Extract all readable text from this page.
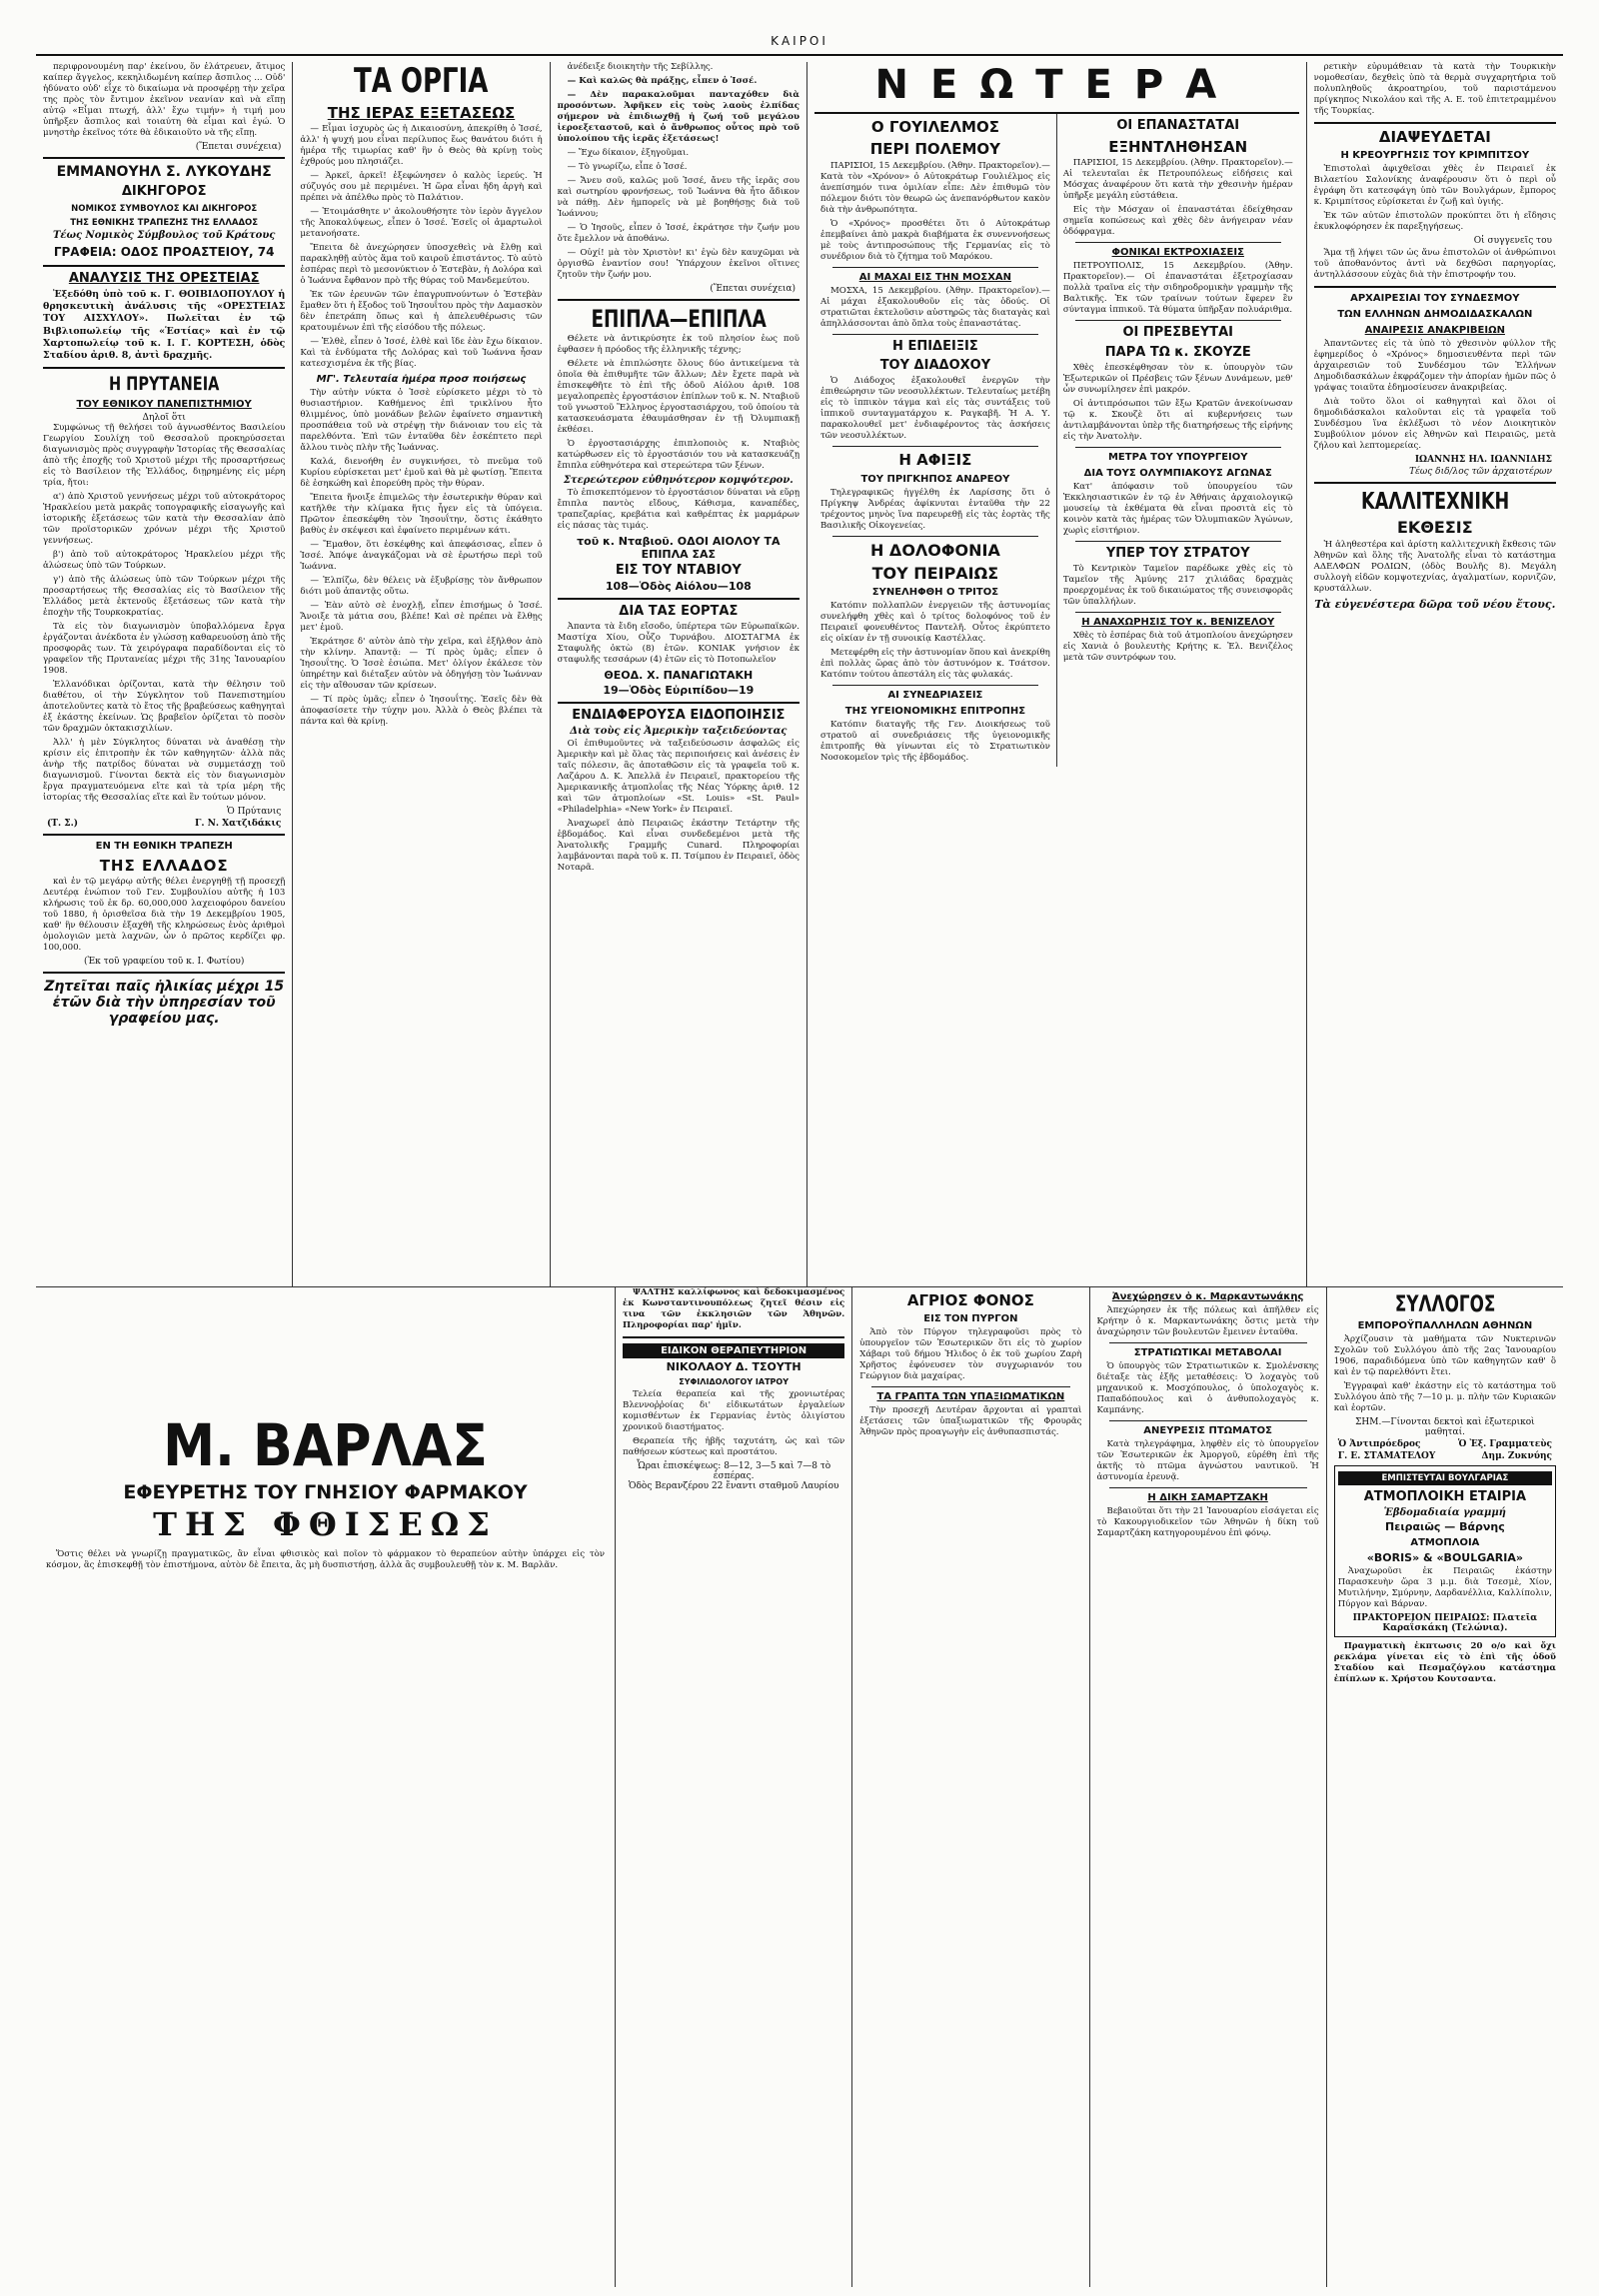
ΚΑΙΡΟΙ

περιφρονουμένη παρ' ἐκείνου, ὅν ἐλάτρευεν, ἄτιμος καίπερ ἄγγελος, κεκηλιδωμένη καίπερ ἄσπιλος ... Οὐδ' ἠδύνατο οὐδ' εἶχε τὸ δικαίωμα νὰ προσφέρῃ τὴν χεῖρα της πρὸς τὸν ἔντιμον ἐκεῖνον νεανίαν καὶ νὰ εἴπῃ αὐτῷ «Εἶμαι πτωχή, ἀλλ' ἔχω τιμήν» ἡ τιμή μου ὑπῆρξεν ἄσπιλος καὶ τοιαύτη θὰ εἶμαι καὶ ἐγώ. Ὁ μνηστὴρ ἐκεῖνος τότε θὰ ἐδικαιοῦτο νὰ τῆς εἴπῃ.

(Ἔπεται συνέχεια)
ΕΜΜΑΝΟΥΗΛ Σ. ΛΥΚΟΥΔΗΣ
ΔΙΚΗΓΟΡΟΣ
ΝΟΜΙΚΟΣ ΣΥΜΒΟΥΛΟΣ ΚΑΙ ΔΙΚΗΓΟΡΟΣ
ΤΗΣ ΕΘΝΙΚΗΣ ΤΡΑΠΕΖΗΣ ΤΗΣ ΕΛΛΑΔΟΣ
Τέως Νομικὸς Σύμβουλος τοῦ Κράτους
ΓΡΑΦΕΙΑ: ΟΔΟΣ ΠΡΟΑΣΤΕΙΟΥ, 74
ΑΝΑΛΥΣΙΣ ΤΗΣ ΟΡΕΣΤΕΙΑΣ

Ἐξεδόθη ὑπὸ τοῦ κ. Γ. ΘΟΙΒΙΔΟΠΟΥΛΟΥ ἡ θρησκευτικὴ ἀνάλυσις τῆς «ΟΡΕΣΤΕΙΑΣ ΤΟΥ ΑΙΣΧΥΛΟΥ». Πωλεῖται ἐν τῷ Βιβλιοπωλείῳ τῆς «Ἑστίας» καὶ ἐν τῷ Χαρτοπωλείῳ τοῦ κ. Ι. Γ. ΚΟΡΤΕΣΗ, ὁδὸς Σταδίου ἀριθ. 8, ἀντὶ δραχμῆς.

Η ΠΡΥΤΑΝΕΙΑ
ΤΟΥ ΕΘΝΙΚΟΥ ΠΑΝΕΠΙΣΤΗΜΙΟΥ
Δηλοῖ ὅτι

Συμφώνως τῇ θελήσει τοῦ ἀγνωσθέντος Βασιλείου Γεωργίου Σουλίχη τοῦ Θεσσαλοῦ προκηρύσσεται διαγωνισμὸς πρὸς συγγραφὴν Ἱστορίας τῆς Θεσσαλίας ἀπὸ τῆς ἐποχῆς τοῦ Χριστοῦ μέχρι τῆς προσαρτήσεως εἰς τὸ Βασίλειον τῆς Ἑλλάδος, διῃρημένης εἰς μέρη τρία, ἤτοι:

α') ἀπὸ Χριστοῦ γεννήσεως μέχρι τοῦ αὐτοκράτορος Ἡρακλείου μετὰ μακρᾶς τοπογραφικῆς εἰσαγωγῆς καὶ ἱστορικῆς ἐξετάσεως τῶν κατὰ τὴν Θεσσαλίαν ἀπὸ τῶν προϊστορικῶν χρόνων μέχρι τῆς Χριστοῦ γεννήσεως.

β') ἀπὸ τοῦ αὐτοκράτορος Ἡρακλείου μέχρι τῆς ἁλώσεως ὑπὸ τῶν Τούρκων.

γ') ἀπὸ τῆς ἁλώσεως ὑπὸ τῶν Τούρκων μέχρι τῆς προσαρτήσεως τῆς Θεσσαλίας εἰς τὸ Βασίλειον τῆς Ἑλλάδος μετὰ ἐκτενοῦς ἐξετάσεως τῶν κατὰ τὴν ἐποχὴν τῆς Τουρκοκρατίας.

Τὰ εἰς τὸν διαγωνισμὸν ὑποβαλλόμενα ἔργα ἐργάζονται ἀνέκδοτα ἐν γλώσσῃ καθαρευούσῃ ἀπὸ τῆς προσφορᾶς των. Τὰ χειρόγραφα παραδίδονται εἰς τὸ γραφεῖον τῆς Πρυτανείας μέχρι τῆς 31ης Ἰανουαρίου 1908.

Ἐλλανόδικαι ὁρίζονται, κατὰ τὴν θέλησιν τοῦ διαθέτου, οἱ τὴν Σύγκλητον τοῦ Πανεπιστημίου ἀποτελοῦντες κατὰ τὸ ἔτος τῆς βραβεύσεως καθηγηταὶ ἐξ ἑκάστης ἐκείνων. Ὡς βραβεῖον ὁρίζεται τὸ ποσὸν τῶν δραχμῶν ὀκτακισχιλίων.

Ἀλλ' ἡ μὲν Σύγκλητος δύναται νὰ ἀναθέσῃ τὴν κρίσιν εἰς ἐπιτροπὴν ἐκ τῶν καθηγητῶν· ἀλλὰ πᾶς ἀνὴρ τῆς πατρίδος δύναται νὰ συμμετάσχῃ τοῦ διαγωνισμοῦ. Γίνονται δεκτὰ εἰς τὸν διαγωνισμὸν ἔργα πραγματευόμενα εἴτε καὶ τὰ τρία μέρη τῆς ἱστορίας τῆς Θεσσαλίας εἴτε καὶ ἓν τούτων μόνον.

Ὁ Πρύτανις
(Τ. Σ.)	Γ. Ν. Χατζιδάκις
ΕΝ ΤΗ ΕΘΝΙΚΗ ΤΡΑΠΕΖΗ
ΤΗΣ ΕΛΛΑΔΟΣ

καὶ ἐν τῷ μεγάρῳ αὐτῆς θέλει ἐνεργηθῇ τῇ προσεχῇ Δευτέρᾳ ἐνώπιον τοῦ Γεν. Συμβουλίου αὐτῆς ἡ 103 κλήρωσις τοῦ ἐκ δρ. 60,000,000 λαχειοφόρου δανείου τοῦ 1880, ἡ ὁρισθεῖσα διὰ τὴν 19 Δεκεμβρίου 1905, καθ' ἣν θέλουσιν ἐξαχθῆ τῆς κληρώσεως ἑνὸς ἀριθμοὶ ὁμολογιῶν μετὰ λαχνῶν, ὧν ὁ πρῶτος κερδίζει φρ. 100,000.

(Ἐκ τοῦ γραφείου τοῦ κ. Ι. Φωτίου)
Ζητεῖται παῖς ἡλικίας μέχρι 15 ἐτῶν διὰ τὴν ὑπηρεσίαν τοῦ γραφείου μας.
ΤΑ ΟΡΓΙΑ
ΤΗΣ ΙΕΡΑΣ ΕΞΕΤΑΣΕΩΣ

— Εἶμαι ἰσχυρὸς ὡς ἡ Δικαιοσύνη, ἀπεκρίθη ὁ Ἰσσέ, ἀλλ' ἡ ψυχή μου εἶναι περίλυπος ἕως θανάτου διότι ἡ ἡμέρα τῆς τιμωρίας καθ' ἣν ὁ Θεὸς θὰ κρίνῃ τοὺς ἐχθρούς μου πλησιάζει.

— Ἀρκεῖ, ἀρκεῖ! ἐξεφώνησεν ὁ καλὸς ἱερεύς. Ἡ σύζυγός σου μὲ περιμένει. Ἡ ὥρα εἶναι ἤδη ἀργὴ καὶ πρέπει νὰ ἀπέλθω πρὸς τὸ Παλάτιον.

— Ἐτοιμάσθητε ν' ἀκολουθήσητε τὸν ἱερὸν ἄγγελον τῆς Ἀποκαλύψεως, εἶπεν ὁ Ἰσσέ. Ἐσεῖς οἱ ἁμαρτωλοὶ μετανοήσατε.

Ἔπειτα δὲ ἀνεχώρησεν ὑποσχεθεὶς νὰ ἔλθῃ καὶ παρακληθῇ αὐτὸς ἅμα τοῦ καιροῦ ἐπιστάντος. Τὸ αὐτὸ ἑσπέρας περὶ τὸ μεσονύκτιον ὁ Ἐστεβὰν, ἡ Δολόρα καὶ ὁ Ἰωάννα ἔφθανον πρὸ τῆς θύρας τοῦ Μανδεμεύτου.

Ἐκ τῶν ἐρευνῶν τῶν ἐπαγρυπνούντων ὁ Ἐστεβὰν ἔμαθεν ὅτι ἡ ἔξοδος τοῦ Ἰησουΐτου πρὸς τὴν Δαμασκὸν δὲν ἐπετράπη ὅπως καὶ ἡ ἀπελευθέρωσις τῶν κρατουμένων ἐπὶ τῆς εἰσόδου τῆς πόλεως.

— Ἐλθὲ, εἶπεν ὁ Ἰσσέ, ἐλθὲ καὶ ἴδε ἐὰν ἔχω δίκαιον. Καὶ τὰ ἐνδύματα τῆς Δολόρας καὶ τοῦ Ἰωάννα ἦσαν κατεσχισμένα ἐκ τῆς βίας.

ΜΓ'. Τελευταία ἡμέρα προσ ποιήσεως

Τὴν αὐτὴν νύκτα ὁ Ἰσσὲ εὑρίσκετο μέχρι τὸ τὸ θυσιαστήριον. Καθήμενος ἐπὶ τρικλίνου ἦτο θλιμμένος, ὑπὸ μονάδων βελῶν ἐφαίνετο σημαντικὴ προσπάθεια τοῦ νὰ στρέψῃ τὴν διάνοιαν του εἰς τὰ παρελθόντα. Ἐπὶ τῶν ἐνταῦθα δὲν ἐσκέπτετο περὶ ἄλλου τινὸς πλὴν τῆς Ἰωάννας.

Καλά, διενοήθη ἐν συγκινήσει, τὸ πνεῦμα τοῦ Κυρίου εὑρίσκεται μετ' ἐμοῦ καὶ θὰ μὲ φωτίσῃ. Ἔπειτα δὲ ἐσηκώθη καὶ ἐπορεύθη πρὸς τὴν θύραν.

Ἔπειτα ἤνοιξε ἐπιμελῶς τὴν ἐσωτερικὴν θύραν καὶ κατῆλθε τὴν κλίμακα ἥτις ἦγεν εἰς τὰ ὑπόγεια. Πρῶτον ἐπεσκέφθη τὸν Ἰησουΐτην, ὅστις ἐκάθητο βαθὺς ἐν σκέψεσι καὶ ἐφαίνετο περιμένων κάτι.

— Ἔμαθον, ὅτι ἐσκέφθης καὶ ἀπεφάσισας, εἶπεν ὁ Ἰσσέ. Ἀπόψε ἀναγκάζομαι νὰ σὲ ἐρωτήσω περὶ τοῦ Ἰωάννα.

— Ἐλπίζω, δὲν θέλεις νὰ ἐξυβρίσῃς τὸν ἄνθρωπον διότι μοῦ ἀπαντᾷς οὕτω.

— Ἐὰν αὐτὸ σὲ ἐνοχλῇ, εἶπεν ἐπισήμως ὁ Ἰσσέ. Ἄνοιξε τὰ μάτια σου, βλέπε! Καὶ σὲ πρέπει νὰ ἔλθῃς μετ' ἐμοῦ.

Ἐκράτησε δ' αὐτὸν ἀπὸ τὴν χεῖρα, καὶ ἐξῆλθον ἀπὸ τὴν κλίνην. Ἀπαντᾷ: — Τί πρὸς ὑμᾶς; εἶπεν ὁ Ἰησουΐτης. Ὁ Ἰσσὲ ἐσιώπα. Μετ' ὀλίγον ἐκάλεσε τὸν ὑπηρέτην καὶ διέταξεν αὐτὸν νὰ ὁδηγήσῃ τὸν Ἰωάνναν εἰς τὴν αἴθουσαν τῶν κρίσεων.

— Τί πρὸς ὑμᾶς; εἶπεν ὁ Ἰησουΐτης. Ἐσεῖς δὲν θὰ ἀποφασίσετε τὴν τύχην μου. Ἀλλὰ ὁ Θεὸς βλέπει τὰ πάντα καὶ θὰ κρίνῃ.

ἀνέδειξε διοικητὴν τῆς Σεβίλλης.

— Καὶ καλῶς θὰ πράξῃς, εἶπεν ὁ Ἰσσέ.

— Δὲν παρακαλοῦμαι πανταχόθεν διὰ προσόντων. Ἀφῆκεν εἰς τοὺς λαοὺς ἐλπίδας σήμερον νὰ ἐπιδιωχθῇ ἡ ζωή τοῦ μεγάλου ἱεροεξεταστοῦ, καὶ ὁ ἄνθρωπος οὗτος πρὸ τοῦ ὑπολοίπου τῆς ἱερᾶς ἐξετάσεως!

— Ἔχω δίκαιον, ἐξηγοῦμαι.

— Τὸ γνωρίζω, εἶπε ὁ Ἰσσέ.

— Ἄνευ σοῦ, καλῶς μοῦ Ἰσσέ, ἄνευ τῆς ἱερᾶς σου καὶ σωτηρίου φρονήσεως, τοῦ Ἰωάννα θὰ ἦτο ἄδικον νὰ πάθῃ. Δὲν ἠμπορεῖς νὰ μὲ βοηθήσῃς διὰ τοῦ Ἰωάννου;

— Ὁ Ἰησοῦς, εἶπεν ὁ Ἰσσέ, ἐκράτησε τὴν ζωήν μου ὅτε ἔμελλον νὰ ἀποθάνω.

— Οὐχί! μὰ τὸν Χριστὸν! κι' ἐγὼ δὲν καυχῶμαι νὰ ὀργισθῶ ἐναντίον σου! Ὑπάρχουν ἐκεῖνοι οἵτινες ζητοῦν τὴν ζωήν μου.

(Ἔπεται συνέχεια)
ΕΠΙΠΛΑ—ΕΠΙΠΛΑ

Θέλετε νὰ ἀντικρύσητε ἐκ τοῦ πλησίον ἐως ποῦ ἐφθασεν ἡ πρόοδος τῆς ἑλληνικῆς τέχνης;

Θέλετε νὰ ἐπιπλώσητε ὅλους δύο ἀντικείμενα τὰ ὁποῖα θὰ ἐπιθυμῆτε τῶν ἄλλων; Δὲν ἔχετε παρὰ νὰ ἐπισκεφθῆτε τὸ ἐπὶ τῆς ὁδοῦ Αἰόλου ἀριθ. 108 μεγαλοπρεπὲς ἐργοστάσιον ἐπίπλων τοῦ κ. Ν. Νταβιοῦ τοῦ γνωστοῦ Ἕλληνος ἐργοστασιάρχου, τοῦ ὁποίου τὰ κατασκευάσματα ἐθαυμάσθησαν ἐν τῇ Ὀλυμπιακῇ ἐκθέσει.

Ὁ ἐργοστασιάρχης ἐπιπλοποιὸς κ. Νταβιὸς κατώρθωσεν εἰς τὸ ἐργοστάσιόν του νὰ κατασκευάζῃ ἔπιπλα εὐθηνότερα καὶ στερεώτερα τῶν ξένων.

Στερεώτερον εὐθηνότερον κομψότερον.

Τὸ ἐπισκεπτόμενον τὸ ἐργοστάσιον δύναται νὰ εὕρῃ ἔπιπλα παντὸς εἴδους, Κάθισμα, καναπέδες, τραπεζαρίας, κρεβάτια καὶ καθρέπτας ἐκ μαρμάρων εἰς πάσας τὰς τιμάς.

τοῦ κ. Νταβιοῦ. ΟΔΟΙ ΑΙΟΛΟΥ ΤΑ ΕΠΙΠΛΑ ΣΑΣ
ΕΙΣ ΤΟΥ ΝΤΑΒΙΟΥ
108—Ὁδὸς Αἰόλου—108
ΔΙΑ ΤΑΣ ΕΟΡΤΑΣ

Ἀπαντα τὰ ἔιδη εἴσοδο, ὑπέρτερα τῶν Εὐρωπαϊκῶν. Μαστίχα Χίου, Οὖζο Τυρνάβου. ΔΙΟΣΤΑΓΜΑ ἐκ Σταφυλῆς ὀκτὼ (8) ἐτῶν. ΚΟΝΙΑΚ γνήσιον ἐκ σταφυλῆς τεσσάρων (4) ἐτῶν εἰς τὸ Ποτοπωλεῖον

ΘΕΟΔ. Χ. ΠΑΝΑΓΙΩΤΑΚΗ
19—Ὁδὸς Εὐριπίδου—19
ΕΝΔΙΑΦΕΡΟΥΣΑ ΕΙΔΟΠΟΙΗΣΙΣ
Διὰ τοὺς εἰς Ἀμερικὴν ταξειδεύοντας

Οἱ ἐπιθυμοῦντες νὰ ταξειδεύσωσιν ἀσφαλῶς εἰς Ἀμερικὴν καὶ μὲ ὅλας τὰς περιποιήσεις καὶ ἀνέσεις ἐν ταῖς πόλεσιν, ἂς ἀποταθῶσιν εἰς τὰ γραφεῖα τοῦ κ. Λαζάρου Δ. Κ. Ἀπελλᾶ ἐν Πειραιεῖ, πρακτορείου τῆς Ἀμερικανικῆς ἀτμοπλοΐας τῆς Νέας Ὑόρκης ἀριθ. 12 καὶ τῶν ἀτμοπλοίων «St. Louis» «St. Paul» «Philadelphia» «New York» ἐν Πειραιεῖ.

Ἀναχωρεῖ ἀπὸ Πειραιῶς ἐκάστην Τετάρτην τῆς ἑβδομάδος. Καὶ εἶναι συνδεδεμένοι μετὰ τῆς Ἀνατολικῆς Γραμμῆς Cunard. Πληροφορίαι λαμβάνονται παρὰ τοῦ κ. Π. Τσίμπου ἐν Πειραιεῖ, ὁδὸς Νοταρᾶ.

ΝΕΩΤΕΡΑ
Ο ΓΟΥΙΛΕΛΜΟΣ
ΠΕΡΙ ΠΟΛΕΜΟΥ

ΠΑΡΙΣΙΟΙ, 15 Δεκεμβρίου. (Ἀθην. Πρακτορεῖον).—Κατὰ τὸν «Χρόνον» ὁ Αὐτοκράτωρ Γουλιέλμος εἰς ἀνεπίσημόν τινα ὁμιλίαν εἶπε: Δὲν ἐπιθυμῶ τὸν πόλεμον διότι τὸν θεωρῶ ὡς ἀνεπανόρθωτον κακὸν διὰ τὴν ἀνθρωπότητα.

Ὁ «Χρόνος» προσθέτει ὅτι ὁ Αὐτοκράτωρ ἐπεμβαίνει ἀπὸ μακρὰ διαβήματα ἐκ συνεννοήσεως μὲ τοὺς ἀντιπροσώπους τῆς Γερμανίας εἰς τὸ συνέδριον διὰ τὸ ζήτημα τοῦ Μαρόκου.

ΑΙ ΜΑΧΑΙ ΕΙΣ ΤΗΝ ΜΟΣΧΑΝ

ΜΟΣΧΑ, 15 Δεκεμβρίου. (Ἀθην. Πρακτορεῖον).— Αἱ μάχαι ἐξακολουθοῦν εἰς τὰς ὁδούς. Οἱ στρατιῶται ἐκτελοῦσιν αὐστηρῶς τὰς διαταγὰς καὶ ἀπηλλάσσονται ἀπὸ ὅπλα τοὺς ἐπαναστάτας.

Η ΕΠΙΔΕΙΞΙΣ
ΤΟΥ ΔΙΑΔΟΧΟΥ

Ὁ Διάδοχος ἐξακολουθεῖ ἐνεργῶν τὴν ἐπιθεώρησιν τῶν νεοσυλλέκτων. Τελευταίως μετέβη εἰς τὸ ἱππικὸν τάγμα καὶ εἰς τὰς συντάξεις τοῦ ἱππικοῦ συνταγματάρχου κ. Ραγκαβῆ. Ἡ Α. Υ. παρακολουθεῖ μετ' ἐνδιαφέροντος τὰς ἀσκήσεις τῶν νεοσυλλέκτων.

Η ΑΦΙΞΙΣ
ΤΟΥ ΠΡΙΓΚΗΠΟΣ ΑΝΔΡΕΟΥ

Τηλεγραφικῶς ἠγγέλθη ἐκ Λαρίσσης ὅτι ὁ Πρίγκηψ Ἀνδρέας ἀφίκνυται ἐνταῦθα τὴν 22 τρέχοντος μηνὸς ἵνα παρευρεθῇ εἰς τὰς ἑορτὰς τῆς Βασιλικῆς Οἰκογενείας.

Η ΔΟΛΟΦΟΝΙΑ
ΤΟΥ ΠΕΙΡΑΙΩΣ
ΣΥΝΕΛΗΦΘΗ Ο ΤΡΙΤΟΣ

Κατόπιν πολλαπλῶν ἐνεργειῶν τῆς ἀστυνομίας συνελήφθη χθὲς καὶ ὁ τρίτος δολοφόνος τοῦ ἐν Πειραιεῖ φονευθέντος Παντελῆ. Οὗτος ἐκρύπτετο εἰς οἰκίαν ἐν τῇ συνοικίᾳ Καστέλλας.

Μετεφέρθη εἰς τὴν ἀστυνομίαν ὅπου καὶ ἀνεκρίθη ἐπὶ πολλὰς ὥρας ἀπὸ τὸν ἀστυνόμον κ. Τσάτσον. Κατόπιν τούτου ἀπεστάλη εἰς τὰς φυλακάς.

ΑΙ ΣΥΝΕΔΡΙΑΣΕΙΣ
ΤΗΣ ΥΓΕΙΟΝΟΜΙΚΗΣ ΕΠΙΤΡΟΠΗΣ

Κατόπιν διαταγῆς τῆς Γεν. Διοικήσεως τοῦ στρατοῦ αἱ συνεδριάσεις τῆς ὑγειονομικῆς ἐπιτροπῆς θὰ γίνωνται εἰς τὸ Στρατιωτικὸν Νοσοκομεῖον τρὶς τῆς ἑβδομάδος.

ΟΙ ΕΠΑΝΑΣΤΑΤΑΙ
ΕΞΗΝΤΛΗΘΗΣΑΝ

ΠΑΡΙΣΙΟΙ, 15 Δεκεμβρίου. (Ἀθην. Πρακτορεῖον).— Αἱ τελευταῖαι ἐκ Πετρουπόλεως εἰδήσεις καὶ Μόσχας ἀναφέρουν ὅτι κατὰ τὴν χθεσινὴν ἡμέραν ὑπῆρξε μεγάλη εὐστάθεια.

Εἰς τὴν Μόσχαν οἱ ἐπαναστάται ἐδείχθησαν σημεῖα κοπώσεως καὶ χθὲς δὲν ἀνήγειραν νέαν ὁδόφραγμα.

ΦΟΝΙΚΑΙ ΕΚΤΡΟΧΙΑΣΕΙΣ

ΠΕΤΡΟΥΠΟΛΙΣ, 15 Δεκεμβρίου. (Ἀθην. Πρακτορεῖον).— Οἱ ἐπαναστάται ἐξετροχίασαν πολλὰ τραῖνα εἰς τὴν σιδηροδρομικὴν γραμμὴν τῆς Βαλτικῆς. Ἐκ τῶν τραίνων τούτων ἔφερεν ἓν σύνταγμα ἱππικοῦ. Τὰ θύματα ὑπῆρξαν πολυάριθμα.

ΟΙ ΠΡΕΣΒΕΥΤΑΙ
ΠΑΡΑ ΤΩ κ. ΣΚΟΥΖΕ

Χθὲς ἐπεσκέφθησαν τὸν κ. ὑπουργὸν τῶν Ἐξωτερικῶν οἱ Πρέσβεις τῶν ξένων Δυνάμεων, μεθ' ὧν συνωμίλησεν ἐπὶ μακρόν.

Οἱ ἀντιπρόσωποι τῶν ἔξω Κρατῶν ἀνεκοίνωσαν τῷ κ. Σκουζὲ ὅτι αἱ κυβερνήσεις των ἀντιλαμβάνονται ὑπὲρ τῆς διατηρήσεως τῆς εἰρήνης εἰς τὴν Ἀνατολὴν.

ΜΕΤΡΑ ΤΟΥ ΥΠΟΥΡΓΕΙΟΥ
ΔΙΑ ΤΟΥΣ ΟΛΥΜΠΙΑΚΟΥΣ ΑΓΩΝΑΣ

Κατ' ἀπόφασιν τοῦ ὑπουργείου τῶν Ἐκκλησιαστικῶν ἐν τῷ ἐν Ἀθήναις ἀρχαιολογικῷ μουσείῳ τὰ ἐκθέματα θὰ εἶναι προσιτὰ εἰς τὸ κοινὸν κατὰ τὰς ἡμέρας τῶν Ὀλυμπιακῶν Ἀγώνων, χωρὶς εἰσιτήριον.

ΥΠΕΡ ΤΟΥ ΣΤΡΑΤΟΥ

Τὸ Κεντρικὸν Ταμεῖον παρέδωκε χθὲς εἰς τὸ Ταμεῖον τῆς Ἀμύνης 217 χιλιάδας δραχμὰς προερχομένας ἐκ τοῦ δικαιώματος τῆς συνεισφορᾶς τῶν ὑπαλλήλων.

Η ΑΝΑΧΩΡΗΣΙΣ ΤΟΥ κ. ΒΕΝΙΖΕΛΟΥ

Χθὲς τὸ ἑσπέρας διὰ τοῦ ἀτμοπλοίου ἀνεχώρησεν εἰς Χανιὰ ὁ βουλευτὴς Κρήτης κ. Ἐλ. Βενιζέλος μετὰ τῶν συντρόφων του.

ρετικὴν εὐρυμάθειαν τὰ κατὰ τὴν Τουρκικὴν νομοθεσίαν, δεχθεὶς ὑπὸ τὰ θερμὰ συγχαρητήρια τοῦ πολυπληθοῦς ἀκροατηρίου, τοῦ παριστάμενου πρίγκηπος Νικολάου καὶ τῆς Α. Ε. τοῦ ἐπιτετραμμένου τῆς Τουρκίας.

ΔΙΑΨΕΥΔΕΤΑΙ
Η ΚΡΕΟΥΡΓΗΣΙΣ ΤΟΥ ΚΡΙΜΠΙΤΣΟΥ

Ἐπιστολαὶ ἀφιχθεῖσαι χθὲς ἐν Πειραιεῖ ἐκ Βιλαετίου Σαλονίκης ἀναφέρουσιν ὅτι ὁ περὶ οὗ ἐγράφη ὅτι κατεσφάγη ὑπὸ τῶν Βουλγάρων, ἔμπορος κ. Κριμπίτσος εὑρίσκεται ἐν ζωῇ καὶ ὑγιής.

Ἐκ τῶν αὐτῶν ἐπιστολῶν προκύπτει ὅτι ἡ εἴδησις ἐκυκλοφόρησεν ἐκ παρεξηγήσεως.

Οἱ συγγενεῖς του

Ἅμα τῇ λήψει τῶν ὡς ἄνω ἐπιστολῶν οἱ ἀνθρώπινοι τοῦ ἀποθανόντος ἀντὶ νὰ δεχθῶσι παρηγορίας, ἀντηλλάσσουν εὐχὰς διὰ τὴν ἐπιστροφήν του.

ΑΡΧΑΙΡΕΣΙΑΙ ΤΟΥ ΣΥΝΔΕΣΜΟΥ
ΤΩΝ ΕΛΛΗΝΩΝ ΔΗΜΟΔΙΔΑΣΚΑΛΩΝ
ΑΝΑΙΡΕΣΙΣ ΑΝΑΚΡΙΒΕΙΩΝ

Ἀπαντῶντες εἰς τὰ ὑπὸ τὸ χθεσινὸν φύλλον τῆς ἐφημερίδος ὁ «Χρόνος» δημοσιευθέντα περὶ τῶν ἀρχαιρεσιῶν τοῦ Συνδέσμου τῶν Ἑλλήνων Δημοδιδασκάλων ἐκφράζομεν τὴν ἀπορίαν ἡμῶν πῶς ὁ γράψας τοιαῦτα ἐδημοσίευσεν ἀνακριβείας.

Διὰ τοῦτο ὅλοι οἱ καθηγηταὶ καὶ ὅλοι οἱ δημοδιδάσκαλοι καλοῦνται εἰς τὰ γραφεῖα τοῦ Συνδέσμου ἵνα ἐκλέξωσι τὸ νέον Διοικητικὸν Συμβούλιον μόνον εἰς Ἀθηνῶν καὶ Πειραιῶς, μετὰ ζήλου καὶ λεπτομερείας.

ΙΩΑΝΝΗΣ ΗΛ. ΙΩΑΝΝΙΔΗΣ
Τέως διδ/λος τῶν ἀρχαιοτέρων
ΚΑΛΛΙΤΕΧΝΙΚΗ
ΕΚΘΕΣΙΣ

Ἡ ἀληθεστέρα καὶ ἀρίστη καλλιτεχνικὴ ἔκθεσις τῶν Ἀθηνῶν καὶ ὅλης τῆς Ἀνατολῆς εἶναι τὸ κατάστημα ΑΔΕΛΦΩΝ ΡΟΔΙΩΝ, (ὁδὸς Βουλῆς 8). Μεγάλη συλλογὴ εἰδῶν κομψοτεχνίας, ἀγαλματίων, κορνιζῶν, κρυστάλλων.

Τὰ εὐγενέστερα δῶρα τοῦ νέου ἔτους.
Μ. ΒΑΡΛΑΣ
ΕΦΕΥΡΕΤΗΣ ΤΟΥ ΓΝΗΣΙΟΥ ΦΑΡΜΑΚΟΥ
ΤΗΣ ΦΘΙΣΕΩΣ

Ὅστις θέλει νὰ γνωρίζῃ πραγματικῶς, ἂν εἶναι φθισικὸς καὶ ποῖον τὸ φάρμακον τὸ θεραπεύον αὐτὴν ὑπάρχει εἰς τὸν κόσμον, ἂς ἐπισκεφθῇ τὸν ἐπιστήμονα, αὐτὸν δὲ ἔπειτα, ἂς μὴ δυσπιστήσῃ, ἀλλὰ ἂς συμβουλευθῇ τὸν κ. Μ. Βαρλᾶν.

ΨΑΛΤΗΣ καλλίφωνος καὶ δεδοκιμασμένος ἐκ Κωνσταντινουπόλεως ζητεῖ θέσιν εἰς τινα τῶν ἐκκλησιῶν τῶν Ἀθηνῶν. Πληροφορίαι παρ' ἡμῖν.

ΕΙΔΙΚΟΝ ΘΕΡΑΠΕΥΤΗΡΙΟΝ
ΝΙΚΟΛΑΟΥ Δ. ΤΣΟΥΤΗ
ΣΥΦΙΛΙΔΟΛΟΓΟΥ ΙΑΤΡΟΥ

Τελεία θεραπεία καὶ τῆς χρονιωτέρας Βλεννοῤῥοίας δι' εἰδικωτάτων ἐργαλείων κομισθέντων ἐκ Γερμανίας ἐντὸς ὀλιγίστου χρονικοῦ διαστήματος.

Θεραπεία τῆς ἠβῆς ταχυτάτη, ὡς καὶ τῶν παθήσεων κύστεως καὶ προστάτου.

Ὧραι ἐπισκέψεως: 8—12, 3—5 καὶ 7—8 τὸ ἑσπέρας.
Ὁδὸς Βερανζέρου 22 ἔναντι σταθμοῦ Λαυρίου
ΑΓΡΙΟΣ ΦΟΝΟΣ
ΕΙΣ ΤΟΝ ΠΥΡΓΟΝ

Ἀπὸ τὸν Πύργον τηλεγραφοῦσι πρὸς τὸ ὑπουργεῖον τῶν Ἐσωτερικῶν ὅτι εἰς τὸ χωρίον Χάβαρι τοῦ δήμου Ἠλιδος ὁ ἐκ τοῦ χωρίου Ζαρὴ Χρῆστος ἐφόνευσεν τὸν συγχωριανόν του Γεώργιον διὰ μαχαίρας.

ΤΑ ΓΡΑΠΤΑ ΤΩΝ ΥΠΑΞΙΩΜΑΤΙΚΩΝ

Τὴν προσεχῆ Δευτέραν ἄρχονται αἱ γραπταὶ ἐξετάσεις τῶν ὑπαξιωματικῶν τῆς Φρουρᾶς Ἀθηνῶν πρὸς προαγωγὴν εἰς ἀνθυπασπιστάς.

Ἀνεχώρησεν ὁ κ. Μαρκαντωνάκης

Ἀπεχώρησεν ἐκ τῆς πόλεως καὶ ἀπῆλθεν εἰς Κρήτην ὁ κ. Μαρκαντωνάκης ὅστις μετὰ τὴν ἀναχώρησιν τῶν βουλευτῶν ἔμεινεν ἐνταῦθα.

ΣΤΡΑΤΙΩΤΙΚΑΙ ΜΕΤΑΒΟΛΑΙ

Ὁ ὑπουργὸς τῶν Στρατιωτικῶν κ. Σμολένσκης διέταξε τὰς ἑξῆς μεταθέσεις: Ὁ λοχαγὸς τοῦ μηχανικοῦ κ. Μοσχόπουλος, ὁ ὑπολοχαγὸς κ. Παπαδόπουλος καὶ ὁ ἀνθυπολοχαγὸς κ. Καμπάνης.

ΑΝΕΥΡΕΣΙΣ ΠΤΩΜΑΤΟΣ

Κατὰ τηλεγράφημα, ληφθὲν εἰς τὸ ὑπουργεῖον τῶν Ἐσωτερικῶν ἐκ Ἀμοργοῦ, εὑρέθη ἐπὶ τῆς ἀκτῆς τὸ πτῶμα ἀγνώστου ναυτικοῦ. Ἡ ἀστυνομία ἐρευνᾷ.

Η ΔΙΚΗ ΣΑΜΑΡΤΖΑΚΗ

Βεβαιοῦται ὅτι τὴν 21 Ἰανουαρίου εἰσάγεται εἰς τὸ Κακουργιοδικεῖον τῶν Ἀθηνῶν ἡ δίκη τοῦ Σαμαρτζάκη κατηγορουμένου ἐπὶ φόνῳ.

ΣΥΛΛΟΓΟΣ
ΕΜΠΟΡΟΫΠΑΛΛΗΛΩΝ ΑΘΗΝΩΝ

Ἀρχίζουσιν τὰ μαθήματα τῶν Νυκτερινῶν Σχολῶν τοῦ Συλλόγου ἀπὸ τῆς 2ας Ἰανουαρίου 1906, παραδιδόμενα ὑπὸ τῶν καθηγητῶν καθ' ὃ καὶ ἐν τῷ παρελθόντι ἔτει.

Ἐγγραφαὶ καθ' ἑκάστην εἰς τὸ κατάστημα τοῦ Συλλόγου ἀπὸ τῆς 7—10 μ. μ. πλὴν τῶν Κυριακῶν καὶ ἑορτῶν.

ΣΗΜ.—Γίνονται δεκτοὶ καὶ ἐξωτερικοὶ μαθηταί.
Ὁ Ἀντιπρόεδρος	Ὁ Ἐξ. Γραμματεὺς
Γ. Ε. ΣΤΑΜΑΤΕΛΟΥ	Δημ. Ζυκνύης
ΕΜΠΙΣΤΕΥΤΑΙ ΒΟΥΛΓΑΡΙΑΣ
ΑΤΜΟΠΛΟΙΚΗ ΕΤΑΙΡΙΑ
Ἑβδομαδιαία γραμμή
Πειραιῶς — Βάρνης
ΑΤΜΟΠΛΟΙΑ
«BORIS» & «BOULGARIA»

Ἀναχωροῦσι ἐκ Πειραιῶς ἑκάστην Παρασκευὴν ὥρα 3 μ.μ. διὰ Τσεσμὲ, Χίον, Μυτιλήνην, Σμύρνην, Δαρδανέλλια, Καλλίπολιν, Πύργον καὶ Βάρναν.

ΠΡΑΚΤΟΡΕΙΟΝ ΠΕΙΡΑΙΩΣ: Πλατεῖα Καραΐσκάκη (Τελώνια).

Πραγματικὴ ἐκπτωσις 20 ο/ο καὶ ὄχι ρεκλάμα γίνεται εἰς τὸ ἐπὶ τῆς ὁδοῦ Σταδίου καὶ Πεσμαζόγλου κατάστημα ἐπίπλων κ. Χρήστου Κουτσαντα.
